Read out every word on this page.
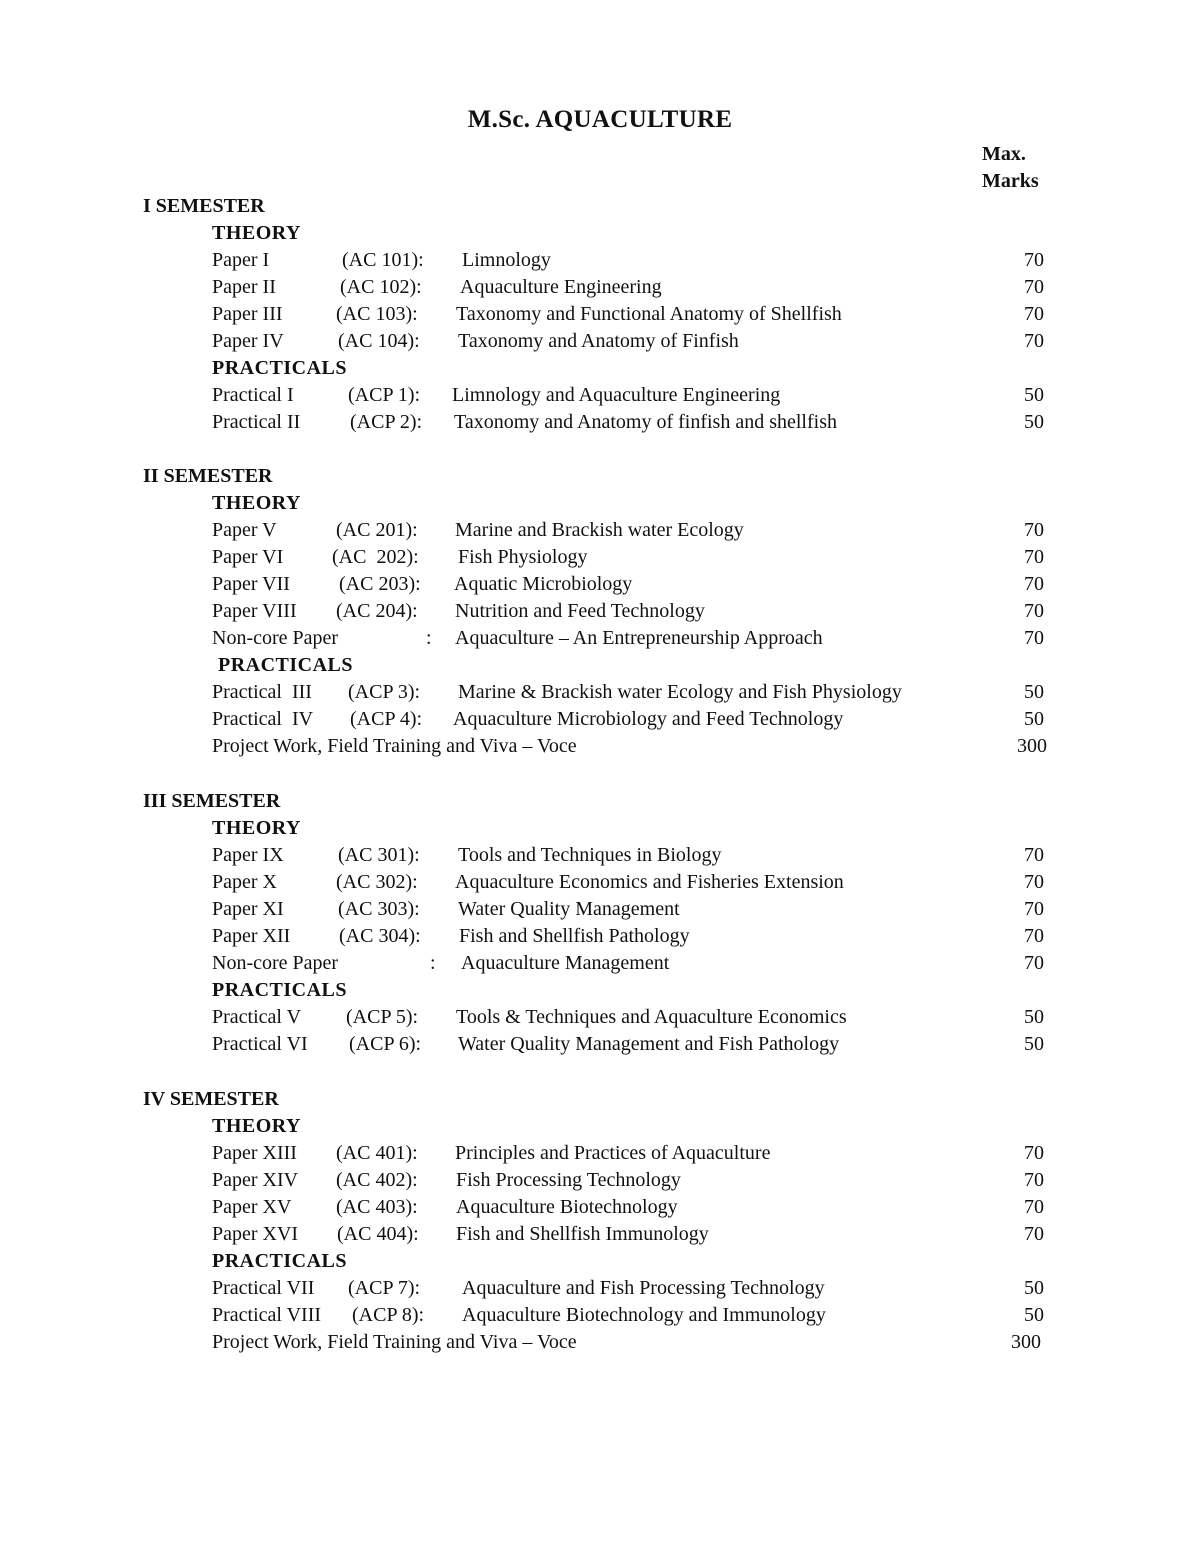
M.Sc. AQUACULTURE
Max.
Marks
I SEMESTER
THEORY
Paper I	(AC 101): Limnology	70
Paper II	(AC 102): Aquaculture Engineering	70
Paper III	(AC 103): Taxonomy and Functional Anatomy of Shellfish	70
Paper IV	(AC 104): Taxonomy and Anatomy of Finfish	70
PRACTICALS
Practical I	(ACP 1): Limnology and Aquaculture Engineering	50
Practical II (ACP 2): Taxonomy and Anatomy of finfish and shellfish	50
II SEMESTER
THEORY
Paper V	(AC 201): Marine and Brackish water Ecology	70
Paper VI (AC  202): Fish Physiology	70
Paper VII (AC 203): Aquatic Microbiology	70
Paper VIII (AC 204): Nutrition and Feed Technology	70
Non-core Paper	: Aquaculture – An Entrepreneurship Approach	70
PRACTICALS
Practical  III (ACP 3): Marine & Brackish water Ecology and Fish Physiology	50
Practical  IV (ACP 4): Aquaculture Microbiology and Feed Technology	50
Project Work, Field Training and Viva – Voce	300
III SEMESTER
THEORY
Paper IX	(AC 301): Tools and Techniques in Biology	70
Paper X	(AC 302): Aquaculture Economics and Fisheries Extension	70
Paper XI	(AC 303): Water Quality Management	70
Paper XII (AC 304): Fish and Shellfish Pathology	70
Non-core Paper	: Aquaculture Management	70
PRACTICALS
Practical V (ACP 5): Tools & Techniques and Aquaculture Economics	50
Practical VI (ACP 6): Water Quality Management and Fish Pathology	50
IV SEMESTER
THEORY
Paper XIII (AC 401): Principles and Practices of Aquaculture	70
Paper XIV (AC 402): Fish Processing Technology	70
Paper XV (AC 403): Aquaculture Biotechnology	70
Paper XVI (AC 404): Fish and Shellfish Immunology	70
PRACTICALS
Practical VII (ACP 7): Aquaculture and Fish Processing Technology	50
Practical VIII (ACP 8): Aquaculture Biotechnology and Immunology	50
Project Work, Field Training and Viva – Voce	300
